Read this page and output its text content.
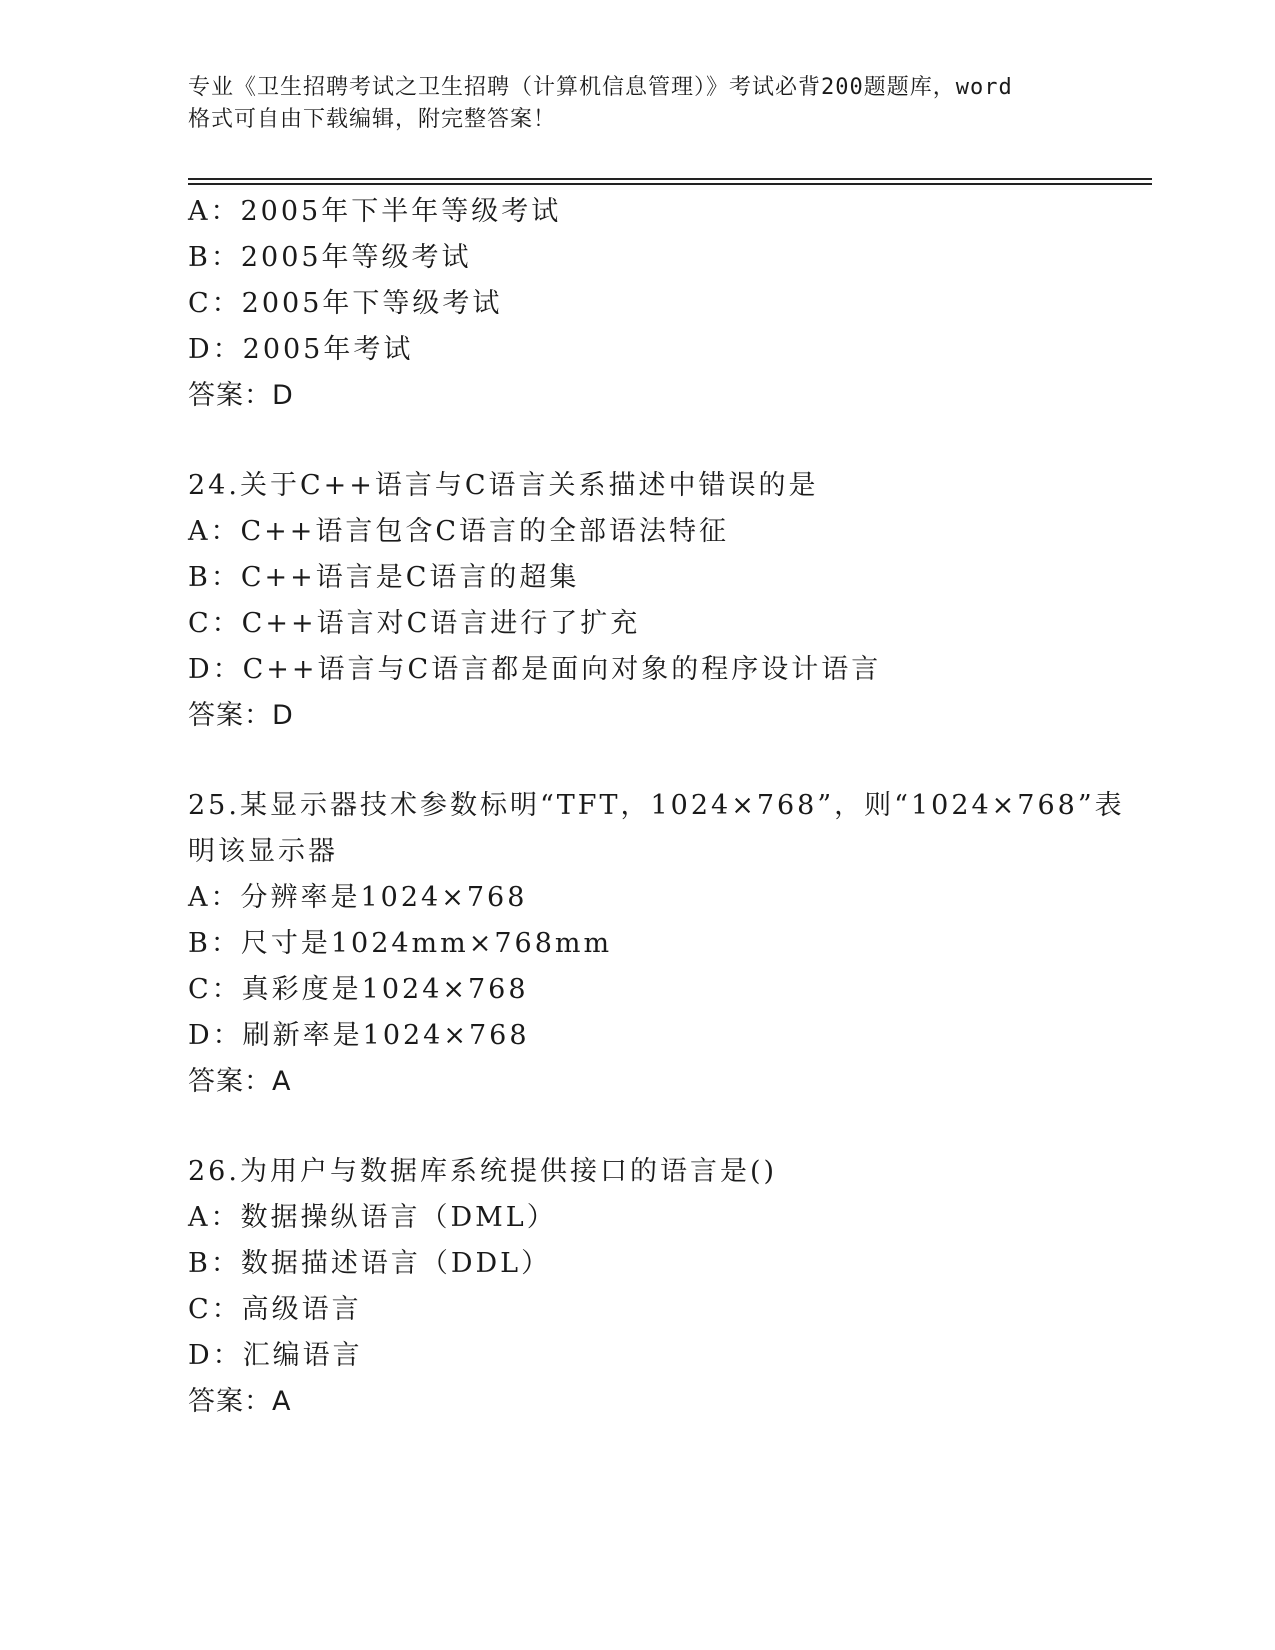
专业《卫生招聘考试之卫生招聘（计算机信息管理）》考试必背200题题库，word
格式可自由下载编辑，附完整答案！
A：2005年下半年等级考试
B：2005年等级考试
C：2005年下等级考试
D：2005年考试
答案：D
24.关于C++语言与C语言关系描述中错误的是
A：C++语言包含C语言的全部语法特征
B：C++语言是C语言的超集
C：C++语言对C语言进行了扩充
D：C++语言与C语言都是面向对象的程序设计语言
答案：D
25.某显示器技术参数标明“TFT，1024×768”，则“1024×768”表
明该显示器
A：分辨率是1024×768
B：尺寸是1024mm×768mm
C：真彩度是1024×768
D：刷新率是1024×768
答案：A
26.为用户与数据库系统提供接口的语言是()
A：数据操纵语言（DML）
B：数据描述语言（DDL）
C：高级语言
D：汇编语言
答案：A
